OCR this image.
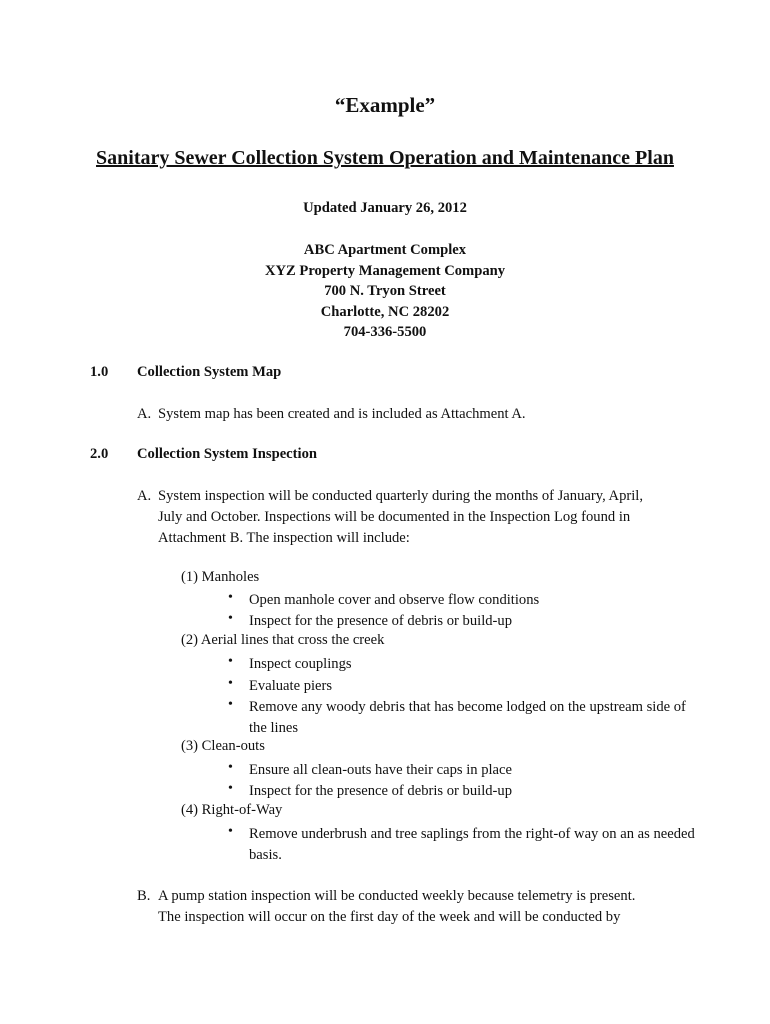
“Example”
Sanitary Sewer Collection System Operation and Maintenance Plan
Updated January 26, 2012
ABC Apartment Complex
XYZ Property Management Company
700 N. Tryon Street
Charlotte, NC 28202
704-336-5500
1.0 Collection System Map
A. System map has been created and is included as Attachment A.
2.0 Collection System Inspection
A. System inspection will be conducted quarterly during the months of January, April,
July and October. Inspections will be documented in the Inspection Log found in
Attachment B. The inspection will include:
(1) Manholes
• Open manhole cover and observe flow conditions
• Inspect for the presence of debris or build-up
(2) Aerial lines that cross the creek
• Inspect couplings
• Evaluate piers
• Remove any woody debris that has become lodged on the upstream side of the lines
(3) Clean-outs
• Ensure all clean-outs have their caps in place
• Inspect for the presence of debris or build-up
(4) Right-of-Way
• Remove underbrush and tree saplings from the right-of way on an as needed basis.
B. A pump station inspection will be conducted weekly because telemetry is present.
The inspection will occur on the first day of the week and will be conducted by
